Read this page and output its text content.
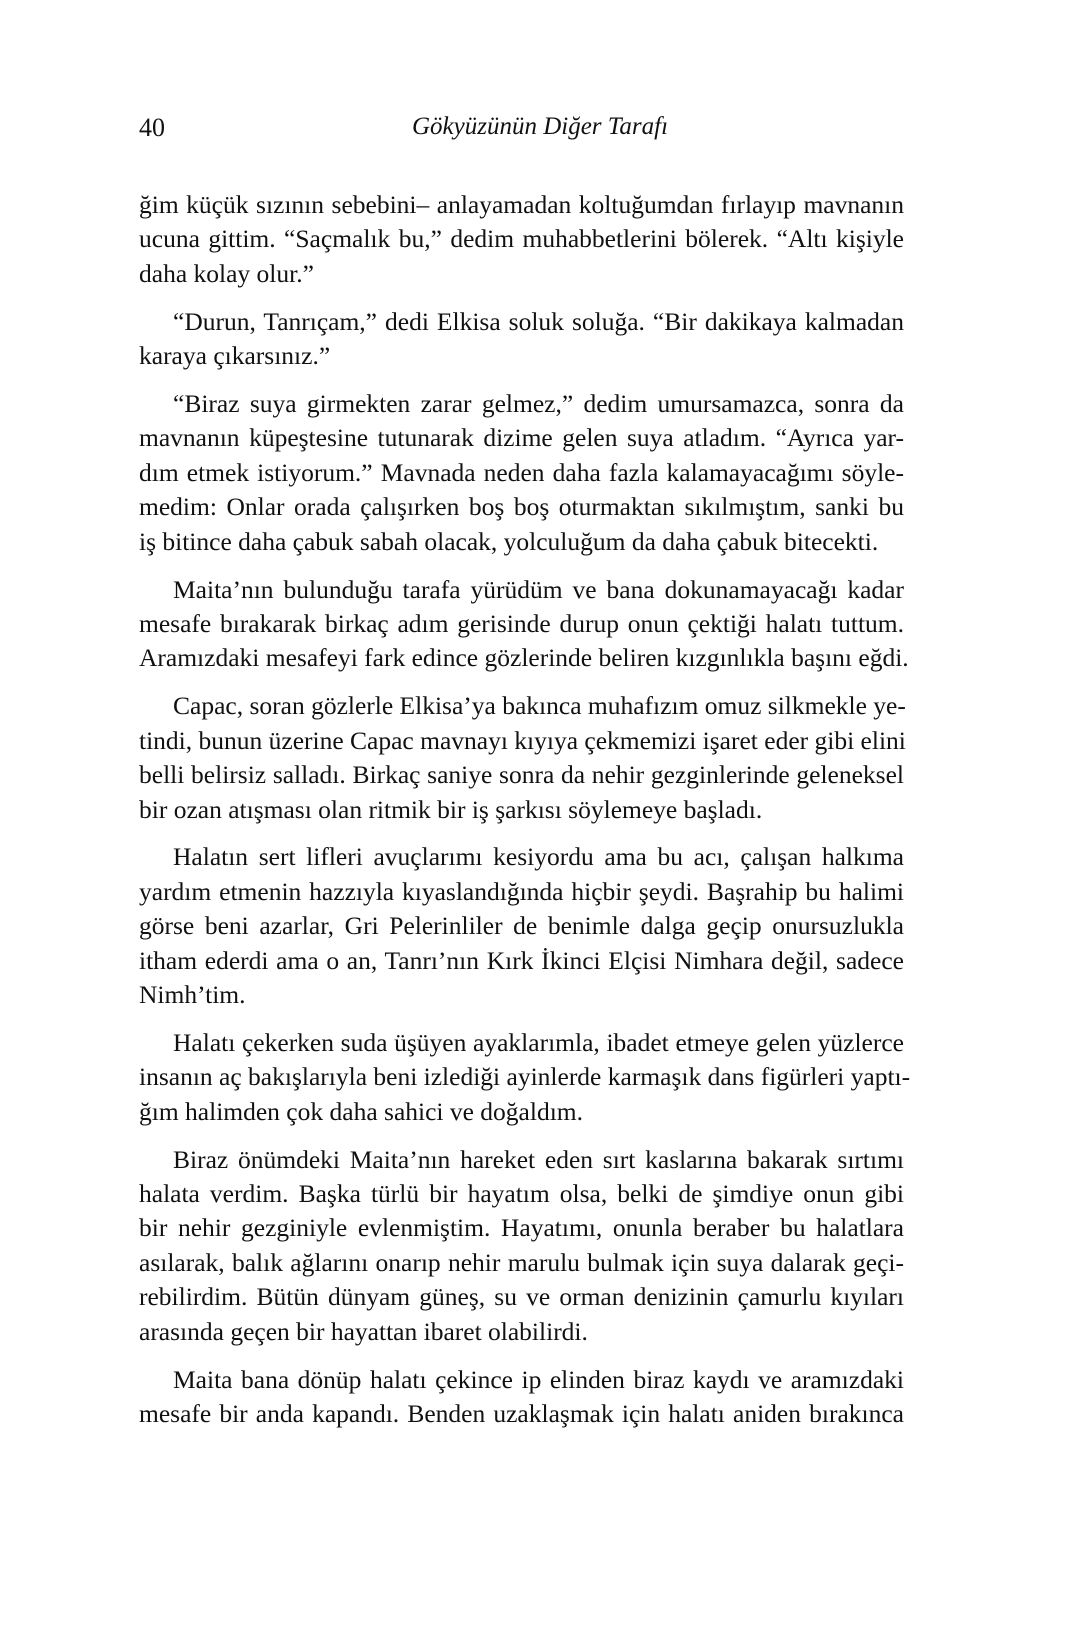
40	Gökyüzünün Diğer Tarafı
ğim küçük sızının sebebini– anlayamadan koltuğumdan fırlayıp mavnanın
ucuna gittim. “Saçmalık bu,” dedim muhabbetlerini bölerek. “Altı kişiyle
daha kolay olur.”
“Durun, Tanrıçam,” dedi Elkisa soluk soluğa. “Bir dakikaya kalmadan
karaya çıkarsınız.”
“Biraz suya girmekten zarar gelmez,” dedim umursamazca, sonra da
mavnanın küpeştesine tutunarak dizime gelen suya atladım. “Ayrıca yar-
dım etmek istiyorum.” Mavnada neden daha fazla kalamayacağımı söyle-
medim: Onlar orada çalışırken boş boş oturmaktan sıkılmıştım, sanki bu
iş bitince daha çabuk sabah olacak, yolculuğum da daha çabuk bitecekti.
Maita’nın bulunduğu tarafa yürüdüm ve bana dokunamayacağı kadar
mesafe bırakarak birkaç adım gerisinde durup onun çektiği halatı tuttum.
Aramızdaki mesafeyi fark edince gözlerinde beliren kızgınlıkla başını eğdi.
Capac, soran gözlerle Elkisa’ya bakınca muhafızım omuz silkmekle ye-
tindi, bunun üzerine Capac mavnayı kıyıya çekmemizi işaret eder gibi elini
belli belirsiz salladı. Birkaç saniye sonra da nehir gezginlerinde geleneksel
bir ozan atışması olan ritmik bir iş şarkısı söylemeye başladı.
Halatın sert lifleri avuçlarımı kesiyordu ama bu acı, çalışan halkıma
yardım etmenin hazzıyla kıyaslandığında hiçbir şeydi. Başrahip bu halimi
görse beni azarlar, Gri Pelerinliler de benimle dalga geçip onursuzlukla
itham ederdi ama o an, Tanrı’nın Kırk İkinci Elçisi Nimhara değil, sadece
Nimh’tim.
Halatı çekerken suda üşüyen ayaklarımla, ibadet etmeye gelen yüzlerce
insanın aç bakışlarıyla beni izlediği ayinlerde karmaşık dans figürleri yaptı-
ğım halimden çok daha sahici ve doğaldım.
Biraz önümdeki Maita’nın hareket eden sırt kaslarına bakarak sırtımı
halata verdim. Başka türlü bir hayatım olsa, belki de şimdiye onun gibi
bir nehir gezginiyle evlenmiştim. Hayatımı, onunla beraber bu halatlara
asılarak, balık ağlarını onarıp nehir marulu bulmak için suya dalarak geçi-
rebilirdim. Bütün dünyam güneş, su ve orman denizinin çamurlu kıyıları
arasında geçen bir hayattan ibaret olabilirdi.
Maita bana dönüp halatı çekince ip elinden biraz kaydı ve aramızdaki
mesafe bir anda kapandı. Benden uzaklaşmak için halatı aniden bırakınca
